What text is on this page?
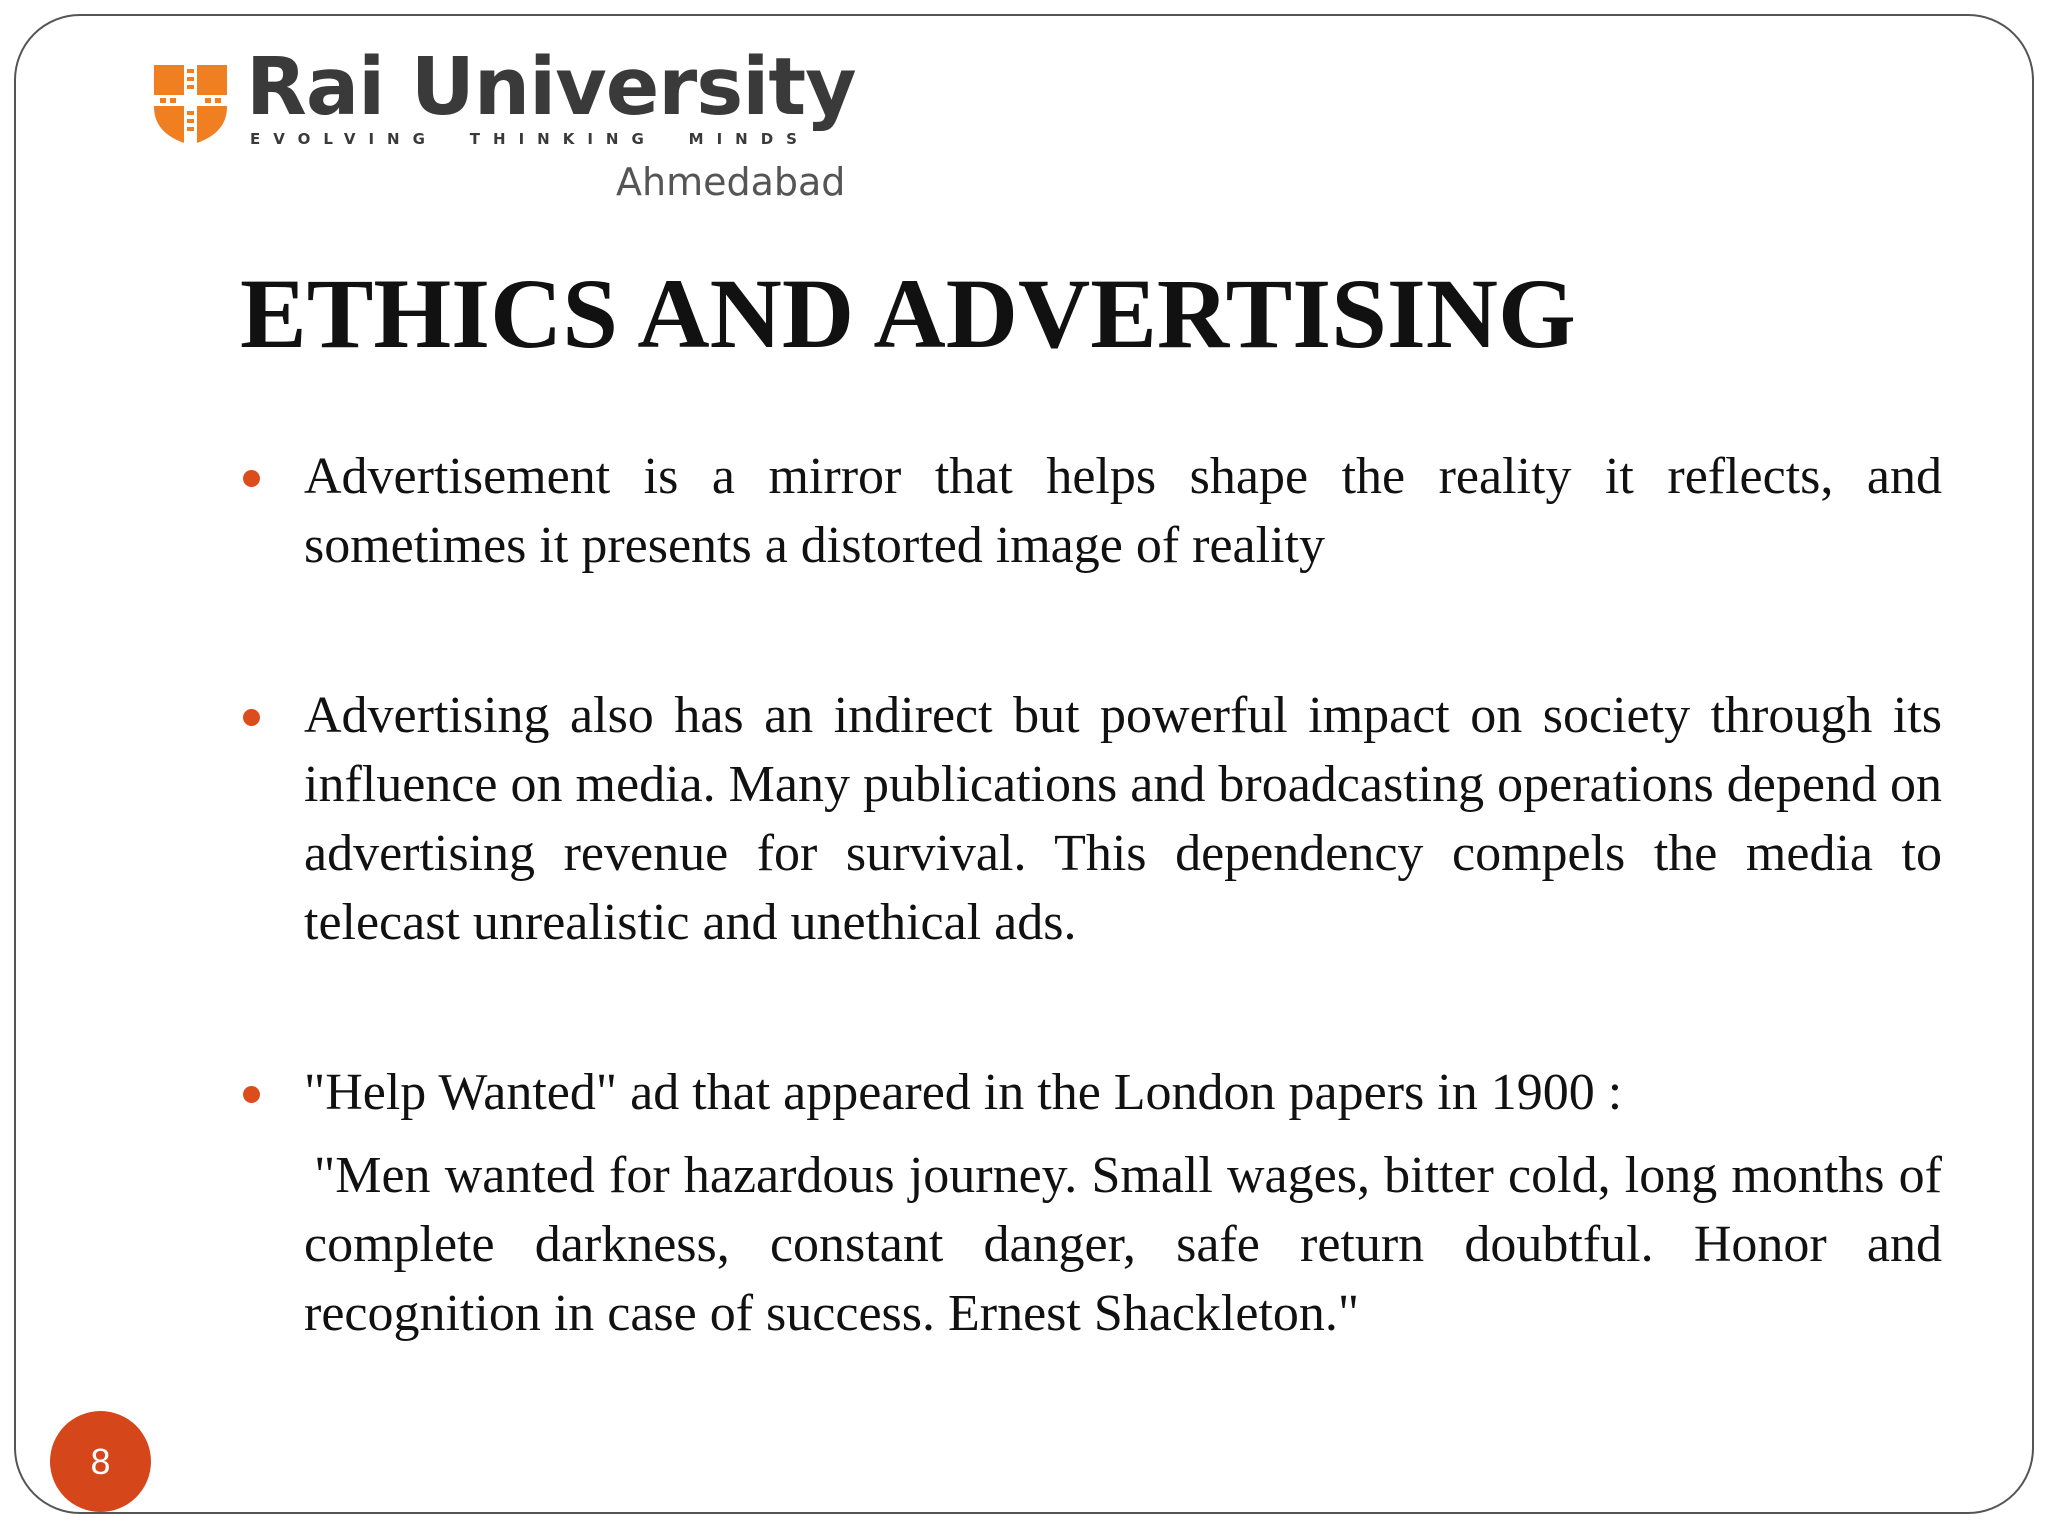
Rai University
EVOLVING THINKING MINDS
Ahmedabad
ETHICS AND ADVERTISING

Advertisement is a mirror that helps shape the reality it reflects, and sometimes it presents a distorted image of reality

Advertising also has an indirect but powerful impact on society through its influence on media. Many publications and broadcasting operations depend on advertising revenue for survival. This dependency compels the media to telecast unrealistic and unethical ads.

"Help Wanted" ad that appeared in the London papers in 1900 :

"Men wanted for hazardous journey. Small wages, bitter cold, long months of complete darkness, constant danger, safe return doubtful. Honor and recognition in case of success. Ernest Shackleton."

8
